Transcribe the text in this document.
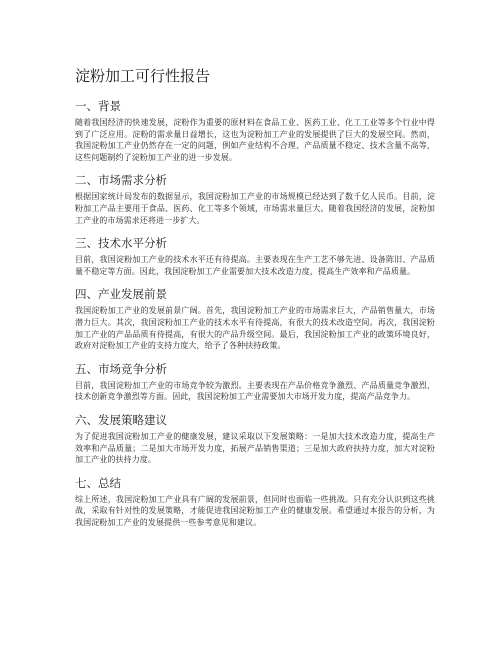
淀粉加工可行性报告
一、背景

随着我国经济的快速发展，淀粉作为重要的原材料在食品工业、医药工业、化工工业等多个行业中得到了广泛应用。淀粉的需求量日益增长，这也为淀粉加工产业的发展提供了巨大的发展空间。然而，我国淀粉加工产业仍然存在一定的问题，例如产业结构不合理、产品质量不稳定、技术含量不高等，这些问题制约了淀粉加工产业的进一步发展。

二、市场需求分析

根据国家统计局发布的数据显示，我国淀粉加工产业的市场规模已经达到了数千亿人民币。目前，淀粉加工产品主要用于食品、医药、化工等多个领域，市场需求量巨大。随着我国经济的发展，淀粉加工产业的市场需求还将进一步扩大。

三、技术水平分析

目前，我国淀粉加工产业的技术水平还有待提高。主要表现在生产工艺不够先进、设备陈旧、产品质量不稳定等方面。因此，我国淀粉加工产业需要加大技术改造力度，提高生产效率和产品质量。

四、产业发展前景

我国淀粉加工产业的发展前景广阔。首先，我国淀粉加工产业的市场需求巨大，产品销售量大，市场潜力巨大。其次，我国淀粉加工产业的技术水平有待提高，有很大的技术改造空间。再次，我国淀粉加工产业的产品品质有待提高，有很大的产品升级空间。最后，我国淀粉加工产业的政策环境良好，政府对淀粉加工产业的支持力度大，给予了各种扶持政策。

五、市场竞争分析

目前，我国淀粉加工产业的市场竞争较为激烈。主要表现在产品价格竞争激烈、产品质量竞争激烈、技术创新竞争激烈等方面。因此，我国淀粉加工产业需要加大市场开发力度，提高产品竞争力。

六、发展策略建议

为了促进我国淀粉加工产业的健康发展，建议采取以下发展策略：一是加大技术改造力度，提高生产效率和产品质量；二是加大市场开发力度，拓展产品销售渠道；三是加大政府扶持力度，加大对淀粉加工产业的扶持力度。

七、总结

综上所述，我国淀粉加工产业具有广阔的发展前景，但同时也面临一些挑战。只有充分认识到这些挑战，采取有针对性的发展策略，才能促进我国淀粉加工产业的健康发展。希望通过本报告的分析，为我国淀粉加工产业的发展提供一些参考意见和建议。
